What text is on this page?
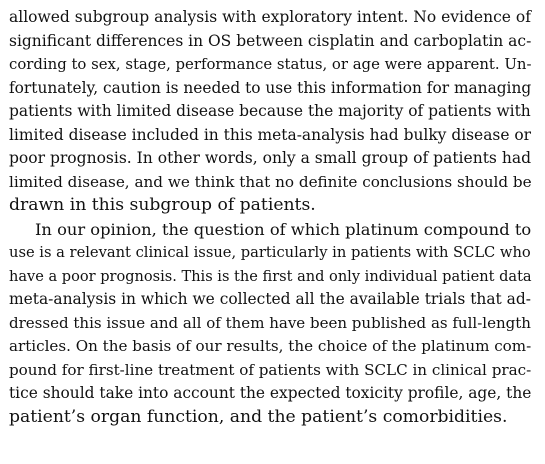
allowed subgroup analysis with exploratory intent. No evidence of
significant differences in OS between cisplatin and carboplatin ac-
cording to sex, stage, performance status, or age were apparent. Un-
fortunately, caution is needed to use this information for managing
patients with limited disease because the majority of patients with
limited disease included in this meta-analysis had bulky disease or
poor prognosis. In other words, only a small group of patients had
limited disease, and we think that no definite conclusions should be
drawn in this subgroup of patients.
In our opinion, the question of which platinum compound to
use is a relevant clinical issue, particularly in patients with SCLC who
have a poor prognosis. This is the first and only individual patient data
meta-analysis in which we collected all the available trials that ad-
dressed this issue and all of them have been published as full-length
articles. On the basis of our results, the choice of the platinum com-
pound for first-line treatment of patients with SCLC in clinical prac-
tice should take into account the expected toxicity profile, age, the
patient’s organ function, and the patient’s comorbidities.
